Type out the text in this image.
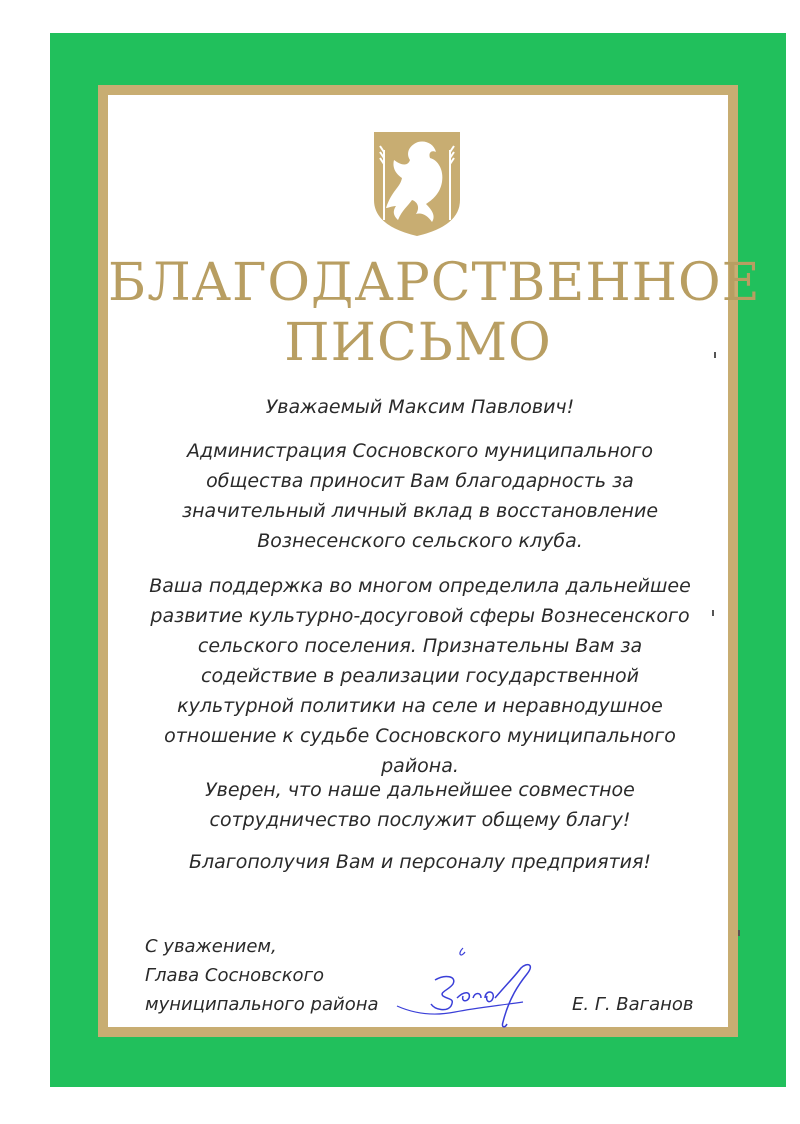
БЛАГОДАРСТВЕННОЕ
ПИСЬМО
Уважаемый Максим Павлович!
Администрация Сосновского муниципального общества приносит Вам благодарность за значительный личный вклад в восстановление Вознесенского сельского клуба.
Ваша поддержка во многом определила дальнейшее развитие культурно-досуговой сферы Вознесенского сельского поселения. Признательны Вам за содействие в реализации государственной культурной политики на селе и неравнодушное отношение к судьбе Сосновского муниципального района.
Уверен, что наше дальнейшее совместное сотрудничество послужит общему благу!
Благополучия Вам и персоналу предприятия!
С уважением,
Глава Сосновского
муниципального района	Е. Г. Ваганов
